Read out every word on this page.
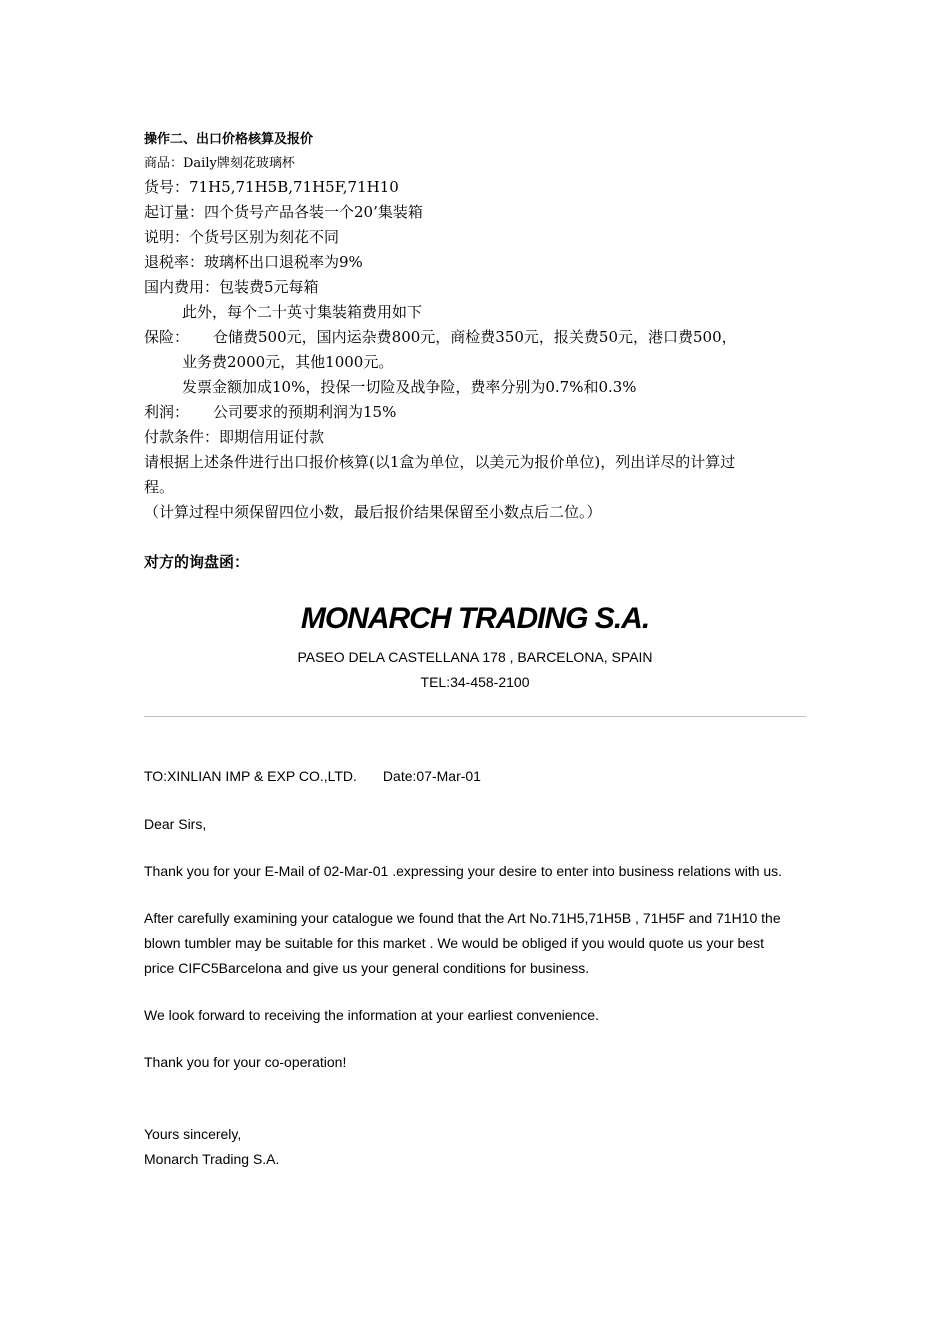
操作二、出口价格核算及报价
商品：Daily牌刻花玻璃杯
货号：71H5,71H5B,71H5F,71H10
起订量：四个货号产品各装一个20’集装箱
说明：个货号区别为刻花不同
退税率：玻璃杯出口退税率为9%
国内费用：包装费5元每箱
此外，每个二十英寸集装箱费用如下
保险： 仓储费500元，国内运杂费800元，商检费350元，报关费50元，港口费500，
业务费2000元，其他1000元。
发票金额加成10%，投保一切险及战争险，费率分别为0.7%和0.3%
利润： 公司要求的预期利润为15%
付款条件：即期信用证付款
请根据上述条件进行出口报价核算(以1盒为单位，以美元为报价单位)，列出详尽的计算过
程。
（计算过程中须保留四位小数，最后报价结果保留至小数点后二位。）
对方的询盘函：
MONARCH TRADING S.A.
PASEO DELA CASTELLANA 178 , BARCELONA, SPAIN
TEL:34-458-2100
TO:XINLIAN IMP & EXP CO.,LTD. Date:07-Mar-01
Dear Sirs,
Thank you for your E-Mail of 02-Mar-01 .expressing your desire to enter into business relations with us.
After carefully examining your catalogue we found that the Art No.71H5,71H5B , 71H5F and 71H10 the
blown tumbler may be suitable for this market . We would be obliged if you would quote us your best
price CIFC5Barcelona and give us your general conditions for business.
We look forward to receiving the information at your earliest convenience.
Thank you for your co-operation!
Yours sincerely,
Monarch Trading S.A.
